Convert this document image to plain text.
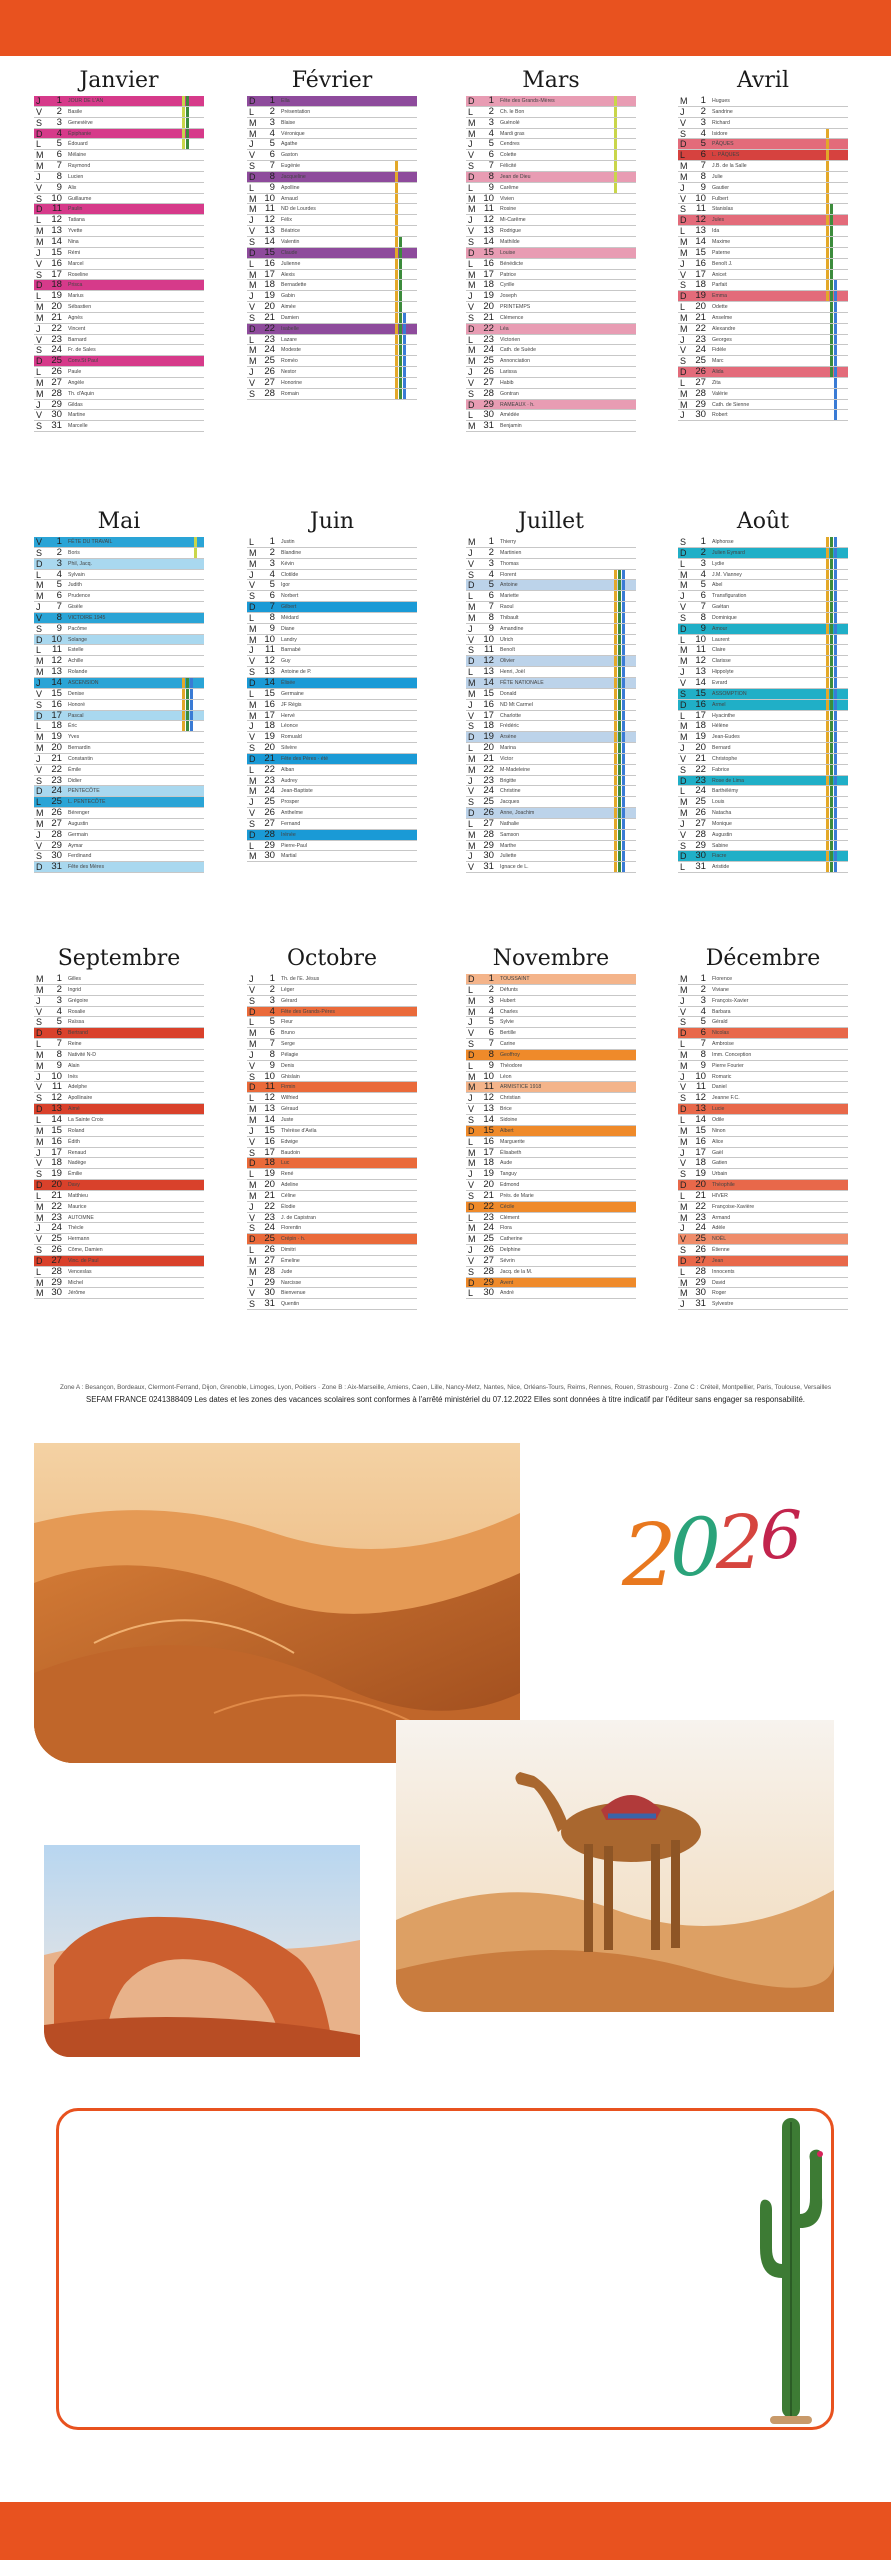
Janvier
J	1 JOUR DE L'AN
V	2 Basile
S	3 Geneviève
D	4 Épiphanie
L	5 Édouard
M	6 Mélaine
M	7 Raymond
J	8 Lucien
V	9 Alix
S 10 Guillaume
D 11 Paulin
L	12 Tatiana
M 13 Yvette
M 14 Nina
J	15 Rémi
V 16 Marcel
S 17 Roseline
D 18 Prisca
L	19 Marius
M 20 Sébastien
M 21 Agnès
J	22 Vincent
V 23 Barnard
S 24 Fr. de Sales
D 25 Conv.St Paul
L	26 Paule
M 27 Angèle
M 28 Th. d'Aquin
J	29 Gildas
V 30 Martine
S 31 Marcelle
Février
D	1 Ella
L	2 Présentation
M	3 Blaise
M	4 Véronique
J	5 Agathe
V	6 Gaston
S	7 Eugénie
D	8 Jacqueline
L	9 Apolline
M 10 Arnaud
M 11 ND de Lourdes
J	12 Félix
V 13 Béatrice
S 14 Valentin
D 15 Claude
L	16 Julienne
M 17 Alexis
M 18 Bernadette
J	19 Gabin
V 20 Aimée
S 21 Damien
D 22 Isabelle
L	23 Lazare
M 24 Modeste
M 25 Roméo
J	26 Nestor
V 27 Honorine
S 28 Romain
Mars
D	1 Fête des Grands-Mères
L	2 Ch. le Bon
M	3 Guénolé
M	4 Mardi gras
J	5 Cendres
V	6 Colette
S	7 Félicité
D	8 Jean de Dieu
L	9 Carême
M 10 Vivien
M 11 Rosine
J	12 Mi-Carême
V 13 Rodrigue
S 14 Mathilde
D 15 Louise
L	16 Bénédicte
M 17 Patrice
M 18 Cyrille
J	19 Joseph
V 20 PRINTEMPS
S 21 Clémence
D 22 Léa
L	23 Victorien
M 24 Cath. de Suède
M 25 Annonciation
J	26 Larissa
V 27 Habib
S 28 Gontran
D 29 RAMEAUX · h.
L	30 Amédée
M 31 Benjamin
Avril
M	1 Hugues
J	2 Sandrine
V	3 Richard
S	4 Isidore
D	5 PÂQUES
L	6 L. PÂQUES
M	7 J.B. de la Salle
M	8 Julie
J	9 Gautier
V 10 Fulbert
S	11 Stanislas
D 12 Jules
L	13 Ida
M 14 Maxime
M 15 Paterne
J	16 Benoît J.
V 17 Anicet
S 18 Parfait
D 19 Emma
L	20 Odette
M 21 Anselme
M 22 Alexandre
J	23 Georges
V 24 Fidèle
S 25 Marc
D 26 Alida
L	27 Zita
M 28 Valérie
M 29 Cath. de Sienne
J	30 Robert
Mai
V	1 FÊTE DU TRAVAIL
S	2 Boris
D	3 Phil, Jacq.
L	4 Sylvain
M	5 Judith
M	6 Prudence
J	7 Gisèle
V	8 VICTOIRE 1945
S	9 Pacôme
D 10 Solange
L	11 Estelle
M 12 Achille
M 13 Rolande
J	14 ASCENSION
V 15 Denise
S 16 Honoré
D 17 Pascal
L	18 Éric
M 19 Yves
M 20 Bernardin
J	21 Constantin
V 22 Émile
S 23 Didier
D 24 PENTECÔTE
L	25 L. PENTECÔTE
M 26 Bérenger
M 27 Augustin
J	28 Germain
V 29 Aymar
S 30 Ferdinand
D 31 Fête des Mères
Juin
L	1 Justin
M	2 Blandine
M	3 Kévin
J	4 Clotilde
V	5 Igor
S	6 Norbert
D	7 Gilbert
L	8 Médard
M	9 Diane
M 10 Landry
J	11 Barnabé
V 12 Guy
S 13 Antoine de P.
D 14 Élisée
L	15 Germaine
M 16 JF Régis
M 17 Hervé
J	18 Léonce
V 19 Romuald
S 20 Silvère
D 21 Fête des Pères · été
L	22 Alban
M 23 Audrey
M 24 Jean-Baptiste
J	25 Prosper
V 26 Anthelme
S 27 Fernand
D 28 Irénée
L	29 Pierre-Paul
M 30 Martial
Juillet
M	1 Thierry
J	2 Martinien
V	3 Thomas
S	4 Florent
D	5 Antoine
L	6 Mariette
M	7 Raoul
M	8 Thibault
J	9 Amandine
V 10 Ulrich
S	11 Benoît
D 12 Olivier
L	13 Henri, Joël
M 14 FÊTE NATIONALE
M 15 Donald
J	16 ND Mt Carmel
V 17 Charlotte
S 18 Frédéric
D 19 Arsène
L	20 Marina
M 21 Victor
M 22 M-Madeleine
J	23 Brigitte
V 24 Christine
S 25 Jacques
D 26 Anne, Joachim
L	27 Nathalie
M 28 Samson
M 29 Marthe
J	30 Juliette
V 31 Ignace de L.
Août
S	1 Alphonse
D	2 Julien Eymard
L	3 Lydie
M	4 J.M. Vianney
M	5 Abel
J	6 Transfiguration
V	7 Gaétan
S	8 Dominique
D	9 Amour
L	10 Laurent
M 11 Claire
M 12 Clarisse
J	13 Hippolyte
V 14 Evrard
S 15 ASSOMPTION
D 16 Armel
L	17 Hyacinthe
M 18 Hélène
M 19 Jean-Eudes
J	20 Bernard
V 21 Christophe
S 22 Fabrice
D 23 Rose de Lima
L	24 Barthélémy
M 25 Louis
M 26 Natacha
J	27 Monique
V 28 Augustin
S 29 Sabine
D 30 Fiacre
L	31 Aristide
Septembre
M	1 Gilles
M	2 Ingrid
J	3 Grégoire
V	4 Rosalie
S	5 Raïssa
D	6 Bertrand
L	7 Reine
M	8 Nativité N-D
M	9 Alain
J	10 Inès
V	11 Adelphe
S 12 Apollinaire
D 13 Aimé
L	14 La Sainte Croix
M 15 Roland
M 16 Édith
J	17 Renaud
V 18 Nadège
S 19 Émilie
D 20 Davy
L	21 Matthieu
M 22 Maurice
M 23 AUTOMNE
J	24 Thècle
V 25 Hermann
S 26 Côme, Damien
D 27 Vinc. de Paul
L	28 Venceslas
M 29 Michel
M 30 Jérôme
Octobre
J	1 Th. de l'E. Jésus
V	2 Léger
S	3 Gérard
D	4 Fête des Grands-Pères
L	5 Fleur
M	6 Bruno
M	7 Serge
J	8 Pélagie
V	9 Denis
S 10 Ghislain
D 11 Firmin
L	12 Wilfried
M 13 Géraud
M 14 Juste
J	15 Thérèse d'Avila
V 16 Edwige
S 17 Baudoin
D 18 Luc
L	19 René
M 20 Adeline
M 21 Céline
J	22 Élodie
V 23 J. de Capistran
S 24 Florentin
D 25 Crépin · h.
L	26 Dimitri
M 27 Émeline
M 28 Jude
J	29 Narcisse
V 30 Bienvenue
S 31 Quentin
Novembre
D	1 TOUSSAINT
L	2 Défunts
M	3 Hubert
M	4 Charles
J	5 Sylvie
V	6 Bertille
S	7 Carine
D	8 Geoffroy
L	9 Théodore
M 10 Léon
M 11 ARMISTICE 1918
J	12 Christian
V 13 Brice
S 14 Sidoine
D 15 Albert
L	16 Marguerite
M 17 Élisabeth
M 18 Aude
J	19 Tanguy
V 20 Edmond
S 21 Prés. de Marie
D 22 Cécile
L	23 Clément
M 24 Flora
M 25 Catherine
J	26 Delphine
V 27 Sévrin
S 28 Jacq. de la M.
D 29 Avent
L	30 André
Décembre
M	1 Florence
M	2 Viviane
J	3 François-Xavier
V	4 Barbara
S	5 Gérald
D	6 Nicolas
L	7 Ambroise
M	8 Imm. Conception
M	9 Pierre Fourier
J	10 Romaric
V	11 Daniel
S 12 Jeanne F.C.
D 13 Lucie
L	14 Odile
M 15 Ninon
M 16 Alice
J	17 Gaël
V 18 Gatien
S 19 Urbain
D 20 Théophile
L	21 HIVER
M 22 Françoise-Xavière
M 23 Armand
J	24 Adèle
V 25 NOËL
S 26 Étienne
D 27 Jean
L	28 Innocents
M 29 David
M 30 Roger
J	31 Sylvestre
Zone A : Besançon, Bordeaux, Clermont-Ferrand, Dijon, Grenoble, Limoges, Lyon, Poitiers · Zone B : Aix-Marseille, Amiens, Caen, Lille, Nancy-Metz, Nantes, Nice, Orléans-Tours, Reims, Rennes, Rouen, Strasbourg · Zone C : Créteil, Montpellier, Paris, Toulouse, Versailles
SEFAM FRANCE 0241388409 Les dates et les zones des vacances scolaires sont conformes à l'arrêté ministériel du 07.12.2022 Elles sont données à titre indicatif par l'éditeur sans engager sa responsabilité.
2
0
2
6
